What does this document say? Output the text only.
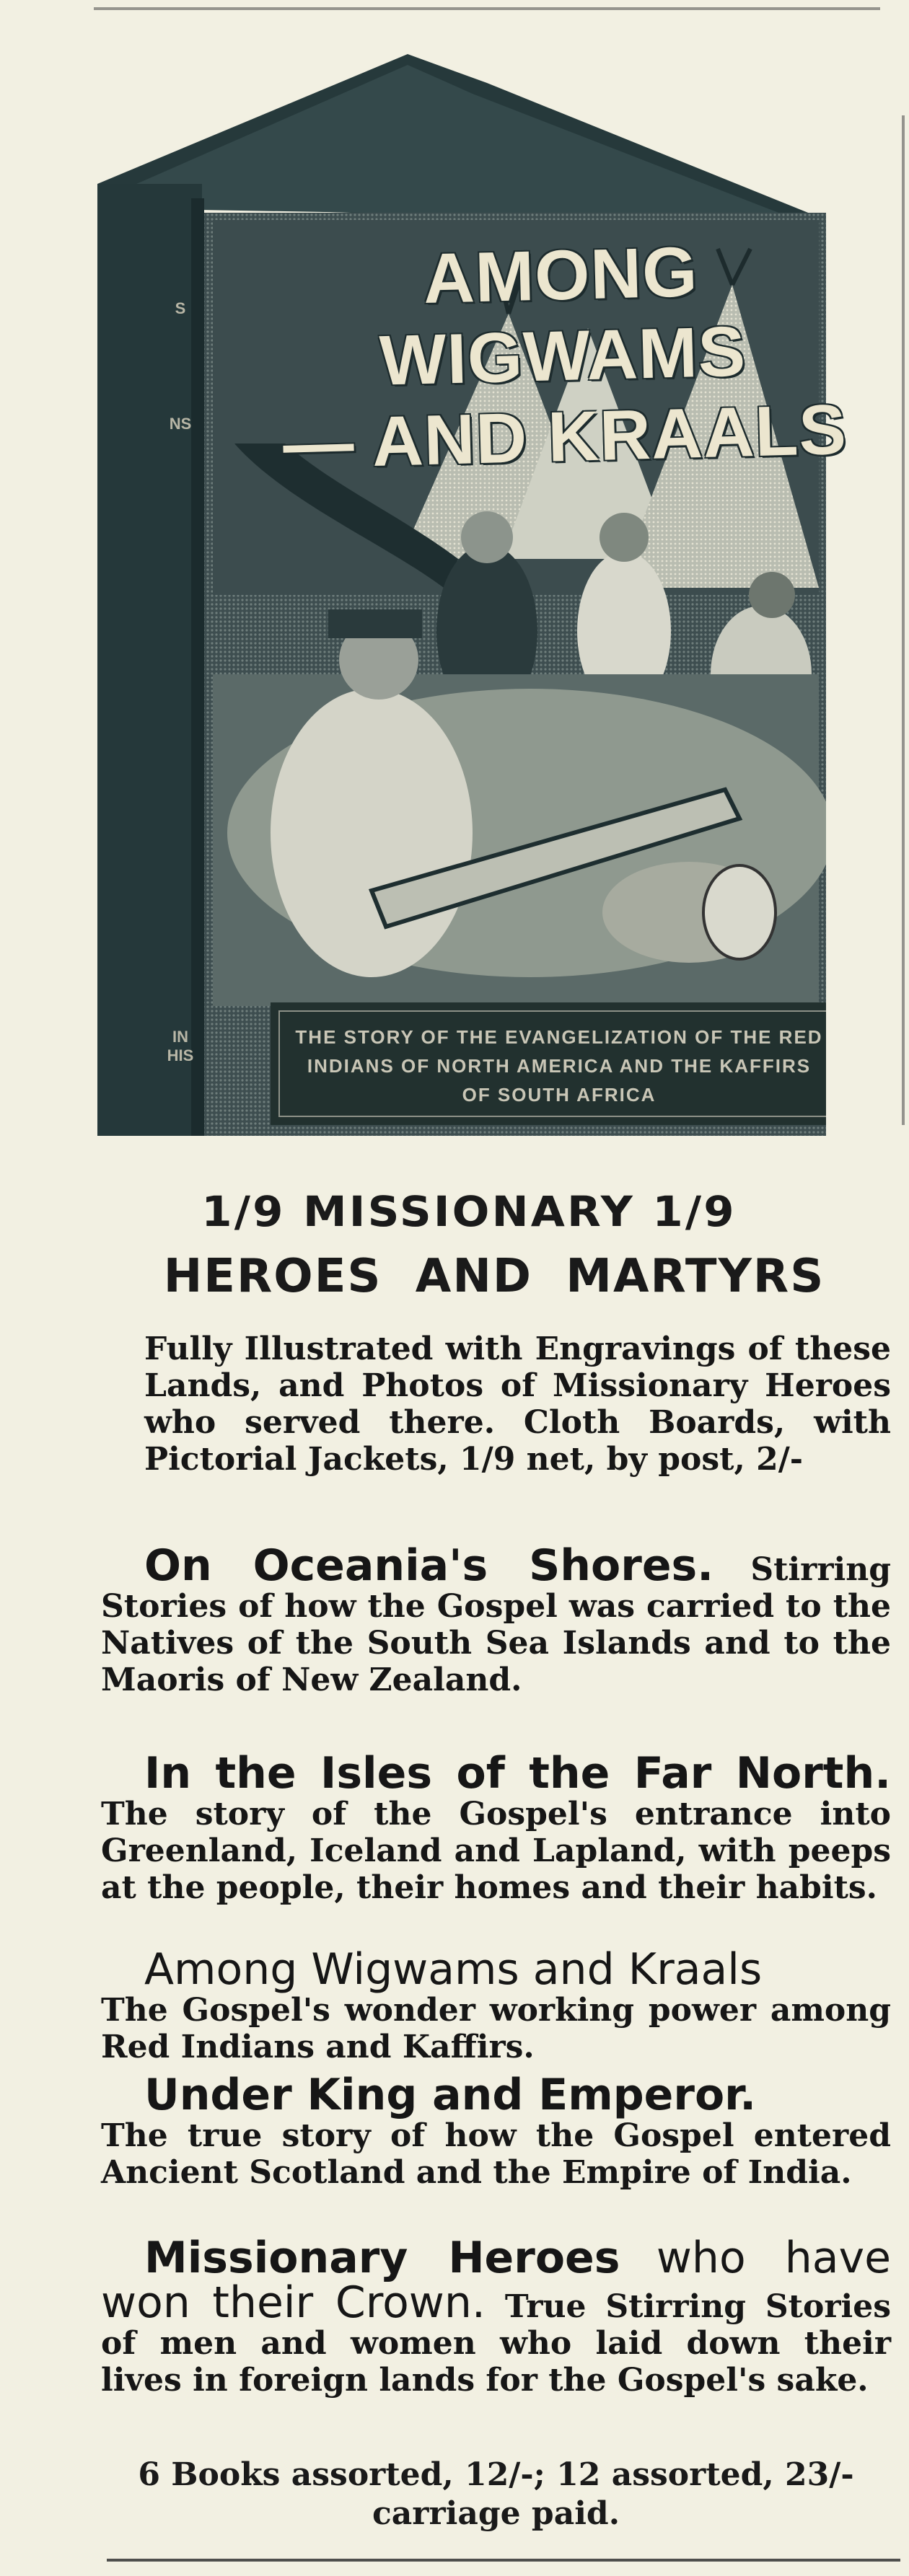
AMONG WIGWAMS
— AND KRAALS
THE STORY OF THE EVANGELIZATION OF THE RED INDIANS OF NORTH AMERICA AND THE KAFFIRS OF SOUTH AFRICA
S
NS
IN
HIS
1/9 MISSIONARY 1/9
HEROES AND MARTYRS
Fully Illustrated with Engravings of these Lands, and Photos of Missionary Heroes who served there. Cloth Boards, with Pictorial Jackets, 1/9 net, by post, 2/-
On Oceania's Shores. Stirring Stories of how the Gospel was carried to the Natives of the South Sea Islands and to the Maoris of New Zealand.
In the Isles of the Far North. The story of the Gospel's entrance into Greenland, Iceland and Lapland, with peeps at the people, their homes and their habits.
Among Wigwams and Kraals
The Gospel's wonder working power among Red Indians and Kaffirs.
Under King and Emperor.
The true story of how the Gospel entered Ancient Scotland and the Empire of India.
Missionary Heroes who have won their Crown. True Stirring Stories of men and women who laid down their lives in foreign lands for the Gospel's sake.
6 Books assorted, 12/-; 12 assorted, 23/- carriage paid.
